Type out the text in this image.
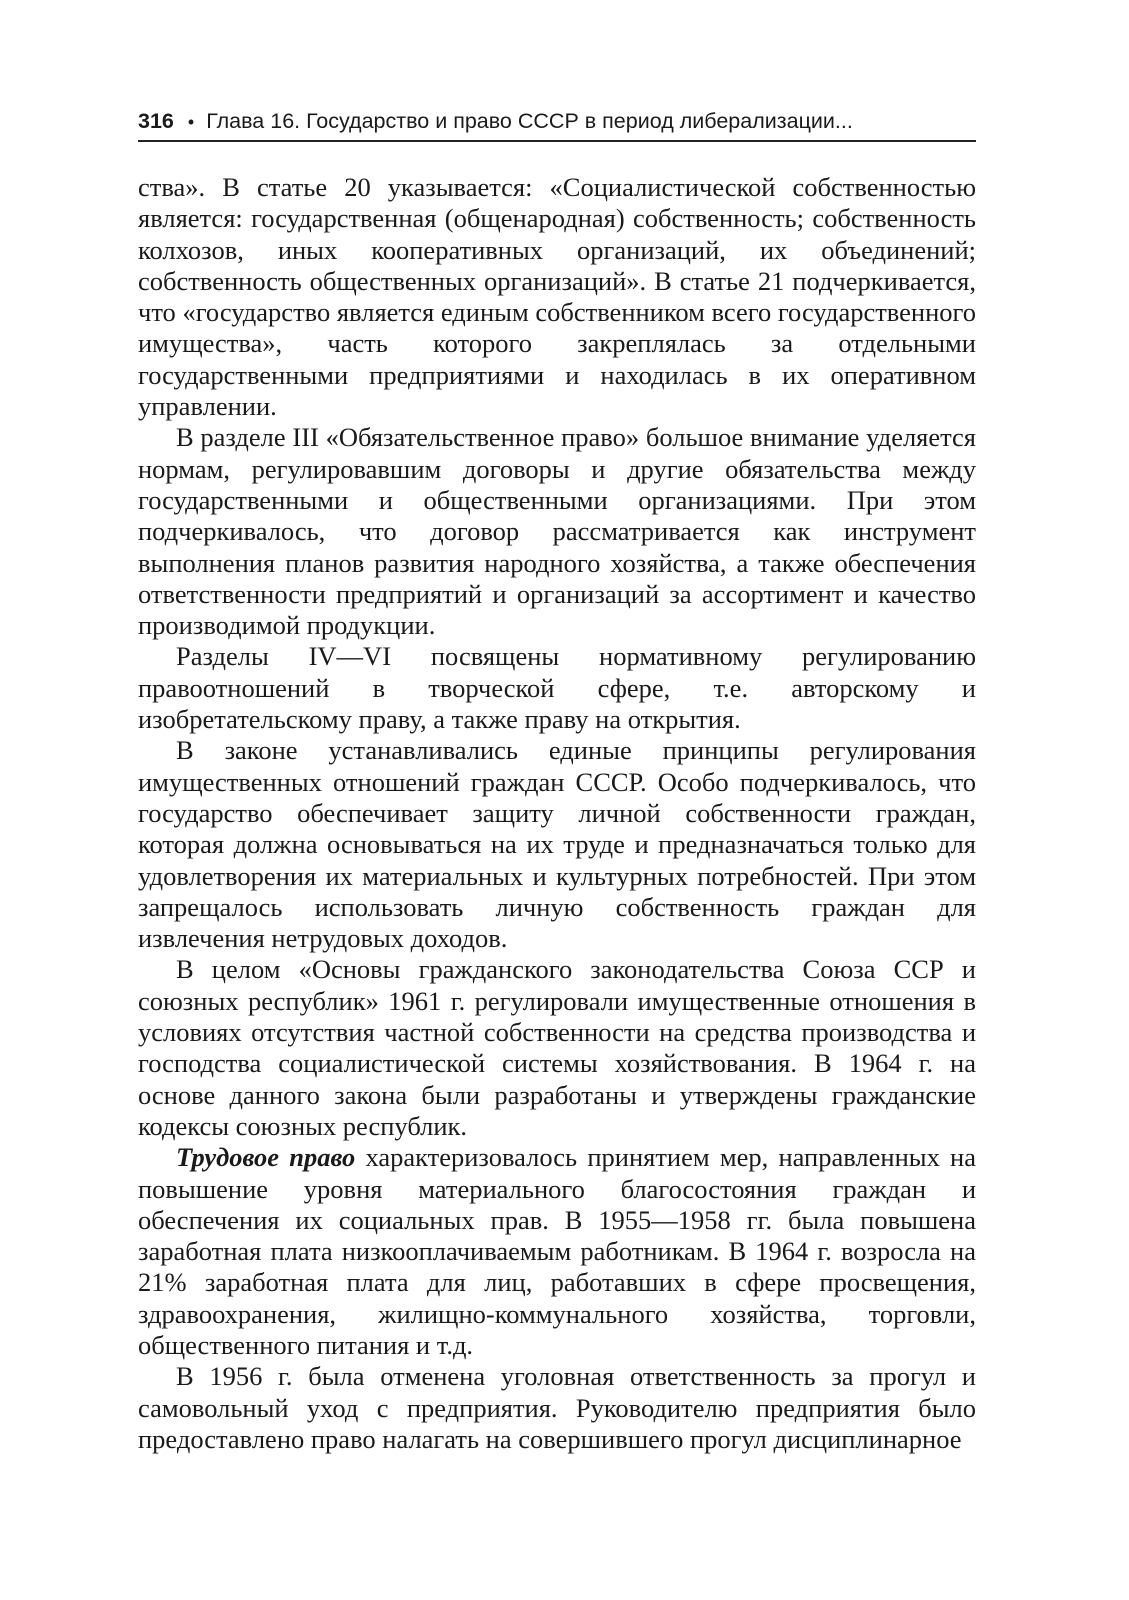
316 • Глава 16. Государство и право СССР в период либерализации...

ства». В статье 20 указывается: «Социалистической собственностью является: государственная (общенародная) собственность; собственность колхозов, иных кооперативных организаций, их объединений; собственность общественных организаций». В статье 21 подчеркивается, что «государство является единым собственником всего государственного имущества», часть которого закреплялась за отдельными государственными предприятиями и находилась в их оперативном управлении.

В разделе III «Обязательственное право» большое внимание уделяется нормам, регулировавшим договоры и другие обязательства между государственными и общественными организациями. При этом подчеркивалось, что договор рассматривается как инструмент выполнения планов развития народного хозяйства, а также обеспечения ответственности предприятий и организаций за ассортимент и качество производимой продукции.

Разделы IV—VI посвящены нормативному регулированию правоотношений в творческой сфере, т.е. авторскому и изобретательскому праву, а также праву на открытия.

В законе устанавливались единые принципы регулирования имущественных отношений граждан СССР. Особо подчеркивалось, что государство обеспечивает защиту личной собственности граждан, которая должна основываться на их труде и предназначаться только для удовлетворения их материальных и культурных потребностей. При этом запрещалось использовать личную собственность граждан для извлечения нетрудовых доходов.

В целом «Основы гражданского законодательства Союза ССР и союзных республик» 1961 г. регулировали имущественные отношения в условиях отсутствия частной собственности на средства производства и господства социалистической системы хозяйствования. В 1964 г. на основе данного закона были разработаны и утверждены гражданские кодексы союзных республик.

Трудовое право характеризовалось принятием мер, направленных на повышение уровня материального благосостояния граждан и обеспечения их социальных прав. В 1955—1958 гг. была повышена заработная плата низкооплачиваемым работникам. В 1964 г. возросла на 21% заработная плата для лиц, работавших в сфере просвещения, здравоохранения, жилищно-коммунального хозяйства, торговли, общественного питания и т.д.

В 1956 г. была отменена уголовная ответственность за прогул и самовольный уход с предприятия. Руководителю предприятия было предоставлено право налагать на совершившего прогул дисциплинарное
